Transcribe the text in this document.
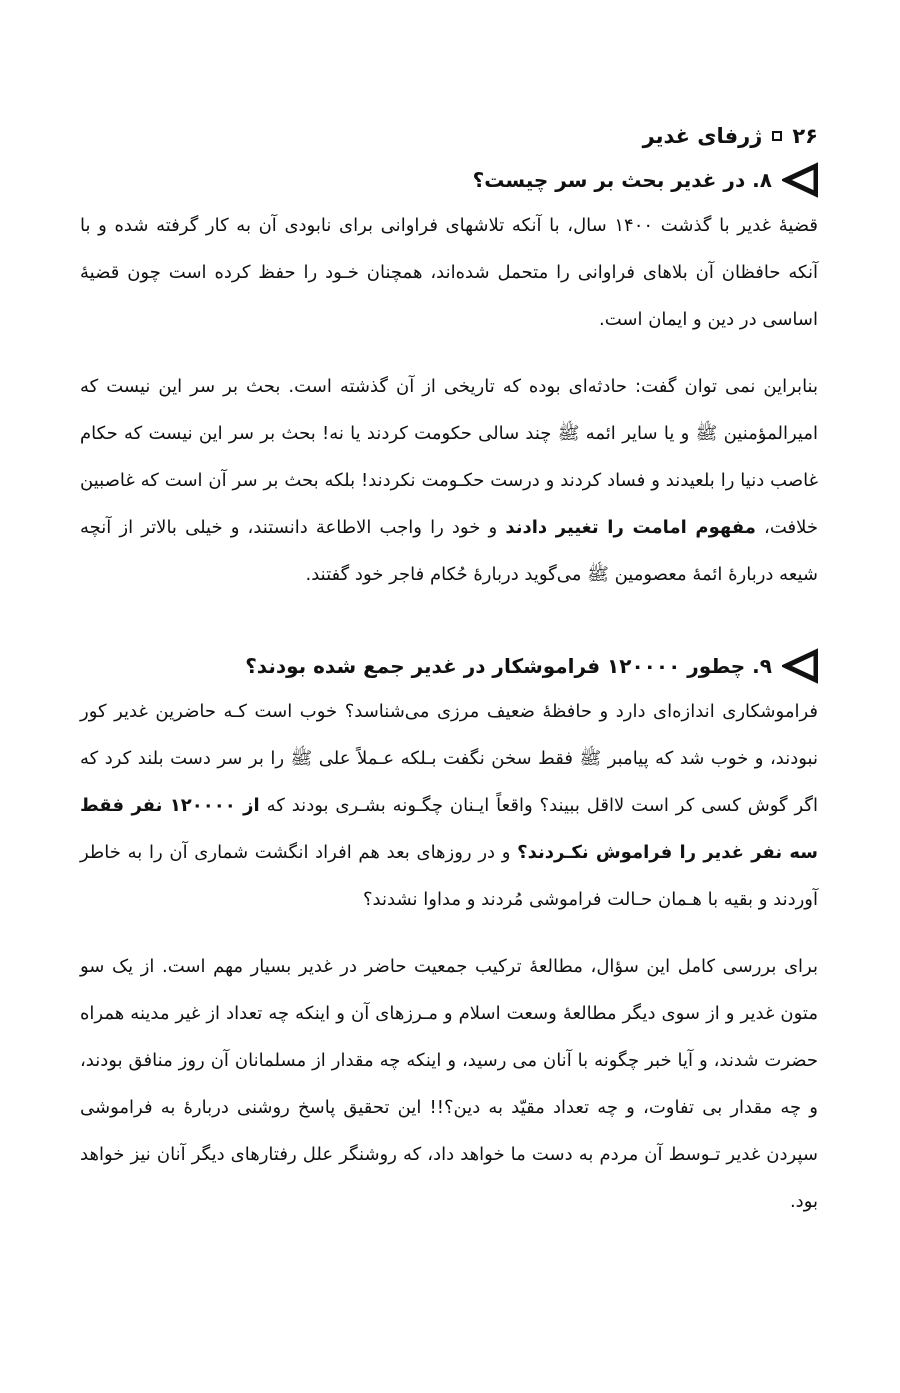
۲۶
ژرفای غدیر
۸. در غدیر بحث بر سر چیست؟

قضیهٔ غدیر با گذشت ۱۴۰۰ سال، با آنکه تلاشهای فراوانی برای نابودی آن به کار گرفته شده و با آنکه حافظان آن بلاهای فراوانی را متحمل شده‌اند، همچنان خـود را حفظ کرده است چون قضیهٔ اساسی در دین و ایمان است.

بنابراین نمی توان گفت: حادثه‌ای بوده که تاریخی از آن گذشته است. بحث بر سر این نیست که امیرالمؤمنین ﷺ و یا سایر ائمه ﷺ چند سالی حکومت کردند یا نه! بحث بر سر این نیست که حکام غاصب دنیا را بلعیدند و فساد کردند و درست حکـومت نکردند! بلکه بحث بر سر آن است که غاصبین خلافت، مفهوم امامت را تغییر دادند و خود را واجب الاطاعة دانستند، و خیلی بالاتر از آنچه شیعه دربارهٔ ائمهٔ معصومین ﷺ می‌گوید دربارهٔ حُکام فاجر خود گفتند.

۹. چطور ۱۲۰۰۰۰ فراموشکار در غدیر جمع شده بودند؟

فراموشکاری اندازه‌ای دارد و حافظهٔ ضعیف مرزی می‌شناسد؟ خوب است کـه حاضرین غدیر کور نبودند، و خوب شد که پیامبر ﷺ فقط سخن نگفت بـلکه عـملاً علی ﷺ را بر سر دست بلند کرد که اگر گوش کسی کر است لااقل ببیند؟ واقعاً ایـنان چگـونه بشـری بودند که از ۱۲۰۰۰۰ نفر فقط سه نفر غدیر را فراموش نکـردند؟ و در روزهای بعد هم افراد انگشت شماری آن را به خاطر آوردند و بقیه با هـمان حـالت فراموشی مُردند و مداوا نشدند؟

برای بررسی کامل این سؤال، مطالعهٔ ترکیب جمعیت حاضر در غدیر بسیار مهم است. از یک سو متون غدیر و از سوی دیگر مطالعهٔ وسعت اسلام و مـرزهای آن و اینکه چه تعداد از غیر مدینه همراه حضرت شدند، و آیا خبر چگونه با آنان می رسید، و اینکه چه مقدار از مسلمانان آن روز منافق بودند، و چه مقدار بی تفاوت، و چه تعداد مقیّد به دین؟!! این تحقیق پاسخ روشنی دربارهٔ به فراموشی سپردن غدیر تـوسط آن مردم به دست ما خواهد داد، که روشنگر علل رفتارهای دیگر آنان نیز خواهد بود.
